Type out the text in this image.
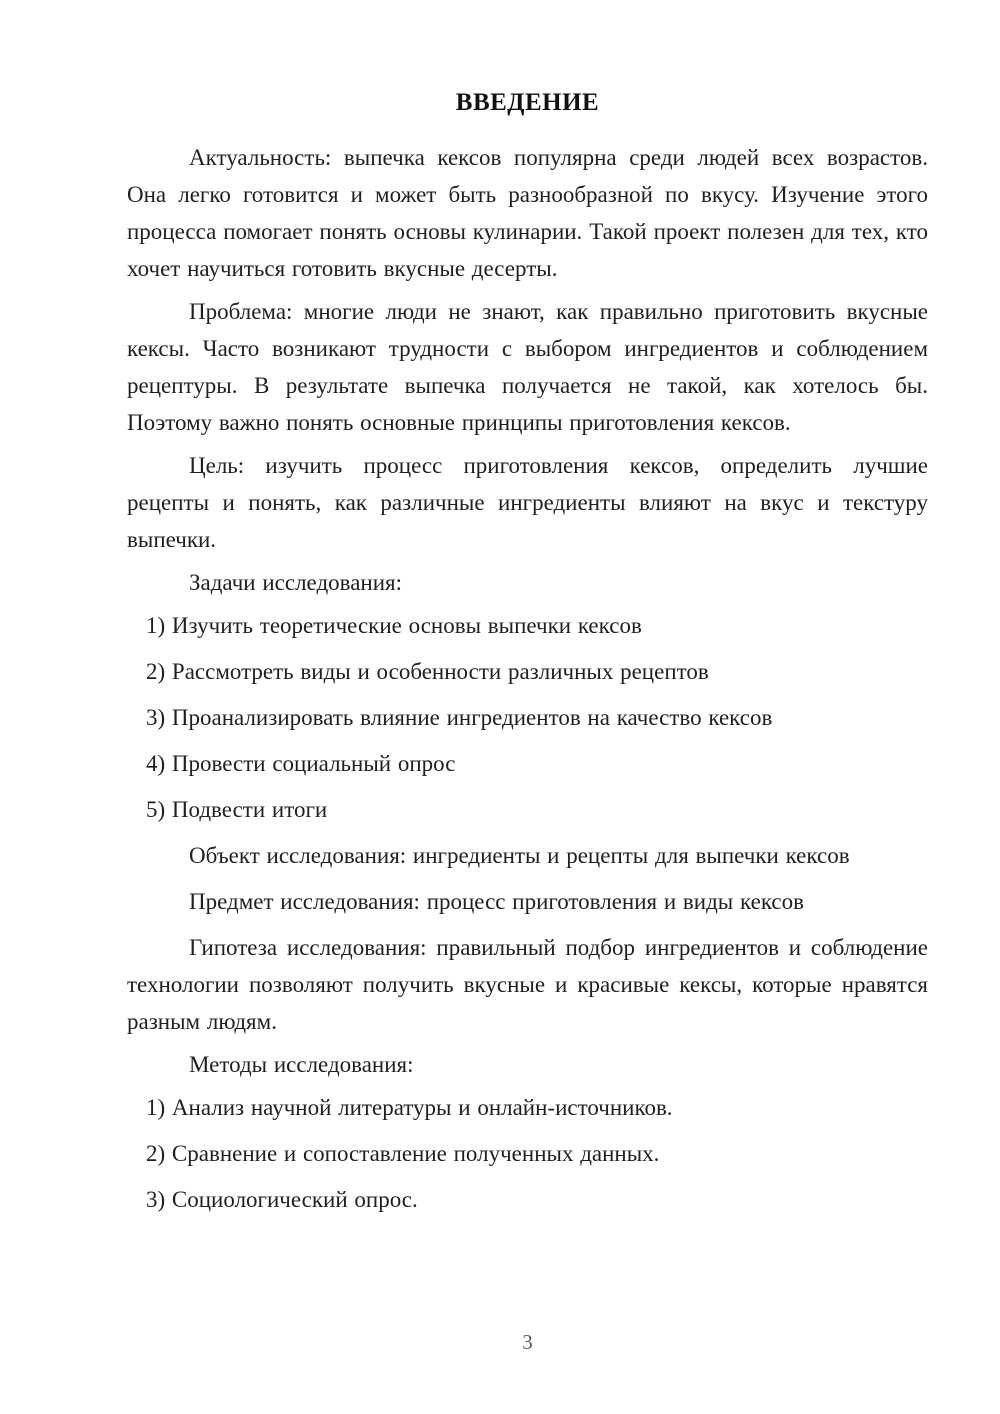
ВВЕДЕНИЕ

Актуальность: выпечка кексов популярна среди людей всех возрастов. Она легко готовится и может быть разнообразной по вкусу. Изучение этого процесса помогает понять основы кулинарии. Такой проект полезен для тех, кто хочет научиться готовить вкусные десерты.

Проблема: многие люди не знают, как правильно приготовить вкусные кексы. Часто возникают трудности с выбором ингредиентов и соблюдением рецептуры. В результате выпечка получается не такой, как хотелось бы. Поэтому важно понять основные принципы приготовления кексов.

Цель: изучить процесс приготовления кексов, определить лучшие рецепты и понять, как различные ингредиенты влияют на вкус и текстуру выпечки.

Задачи исследования:

1) Изучить теоретические основы выпечки кексов

2) Рассмотреть виды и особенности различных рецептов

3) Проанализировать влияние ингредиентов на качество кексов

4) Провести социальный опрос

5) Подвести итоги

Объект исследования: ингредиенты и рецепты для выпечки кексов

Предмет исследования: процесс приготовления и виды кексов

Гипотеза исследования: правильный подбор ингредиентов и соблюдение технологии позволяют получить вкусные и красивые кексы, которые нравятся разным людям.

Методы исследования:

1) Анализ научной литературы и онлайн-источников.

2) Сравнение и сопоставление полученных данных.

3) Социологический опрос.

3
